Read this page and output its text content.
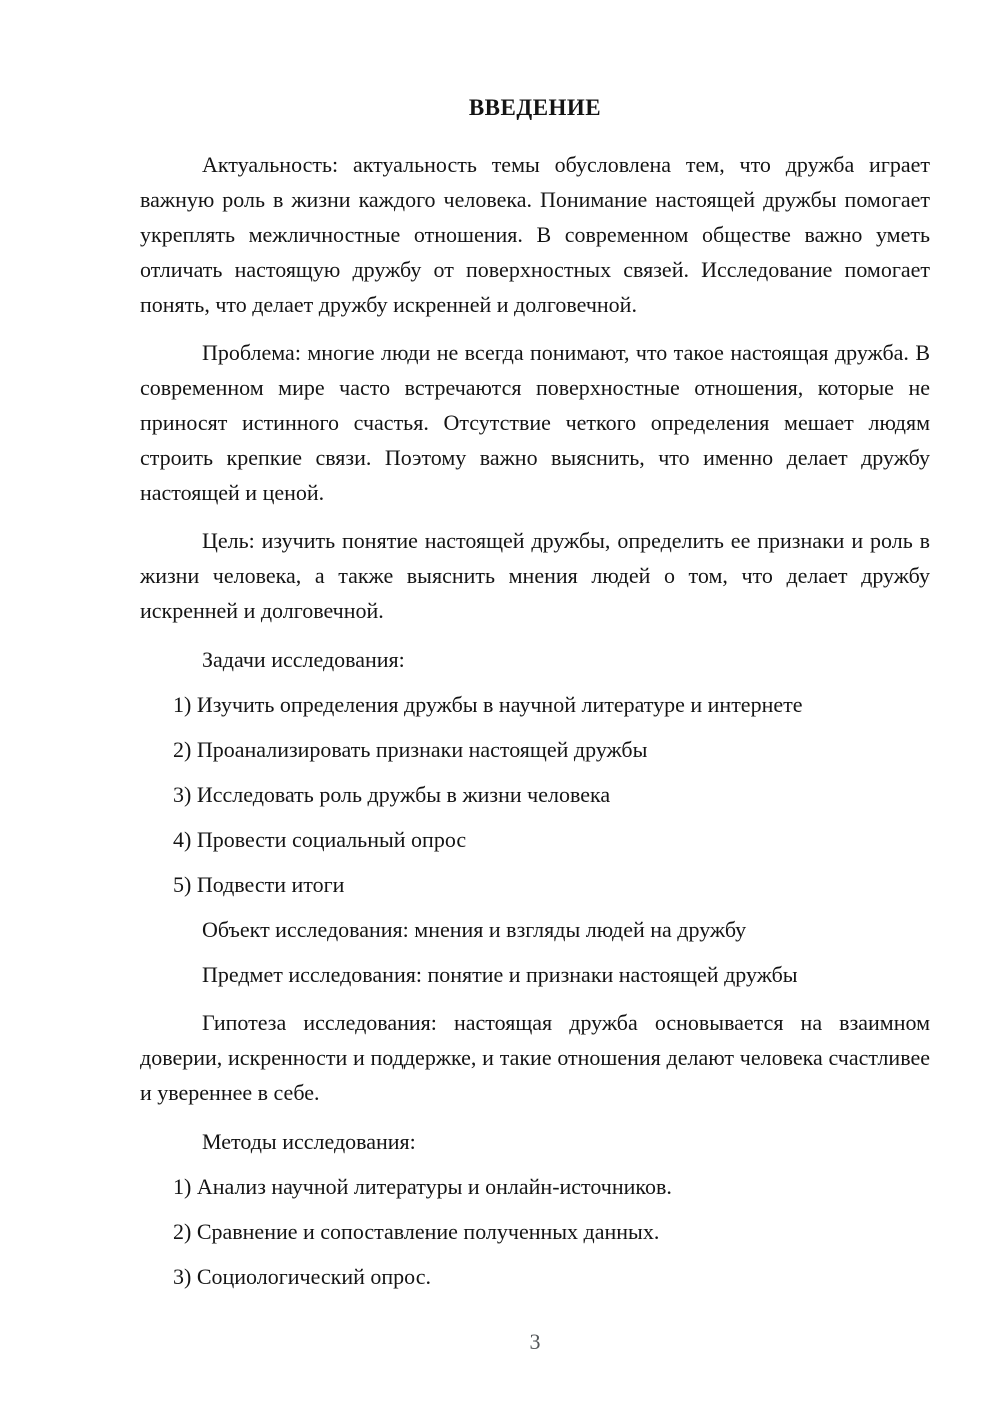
ВВЕДЕНИЕ

Актуальность: актуальность темы обусловлена тем, что дружба играет важную роль в жизни каждого человека. Понимание настоящей дружбы помогает укреплять межличностные отношения. В современном обществе важно уметь отличать настоящую дружбу от поверхностных связей. Исследование помогает понять, что делает дружбу искренней и долговечной.

Проблема: многие люди не всегда понимают, что такое настоящая дружба. В современном мире часто встречаются поверхностные отношения, которые не приносят истинного счастья. Отсутствие четкого определения мешает людям строить крепкие связи. Поэтому важно выяснить, что именно делает дружбу настоящей и ценой.

Цель: изучить понятие настоящей дружбы, определить ее признаки и роль в жизни человека, а также выяснить мнения людей о том, что делает дружбу искренней и долговечной.

Задачи исследования:

1) Изучить определения дружбы в научной литературе и интернете

2) Проанализировать признаки настоящей дружбы

3) Исследовать роль дружбы в жизни человека

4) Провести социальный опрос

5) Подвести итоги

Объект исследования: мнения и взгляды людей на дружбу

Предмет исследования: понятие и признаки настоящей дружбы

Гипотеза исследования: настоящая дружба основывается на взаимном доверии, искренности и поддержке, и такие отношения делают человека счастливее и увереннее в себе.

Методы исследования:

1) Анализ научной литературы и онлайн-источников.

2) Сравнение и сопоставление полученных данных.

3) Социологический опрос.

3
